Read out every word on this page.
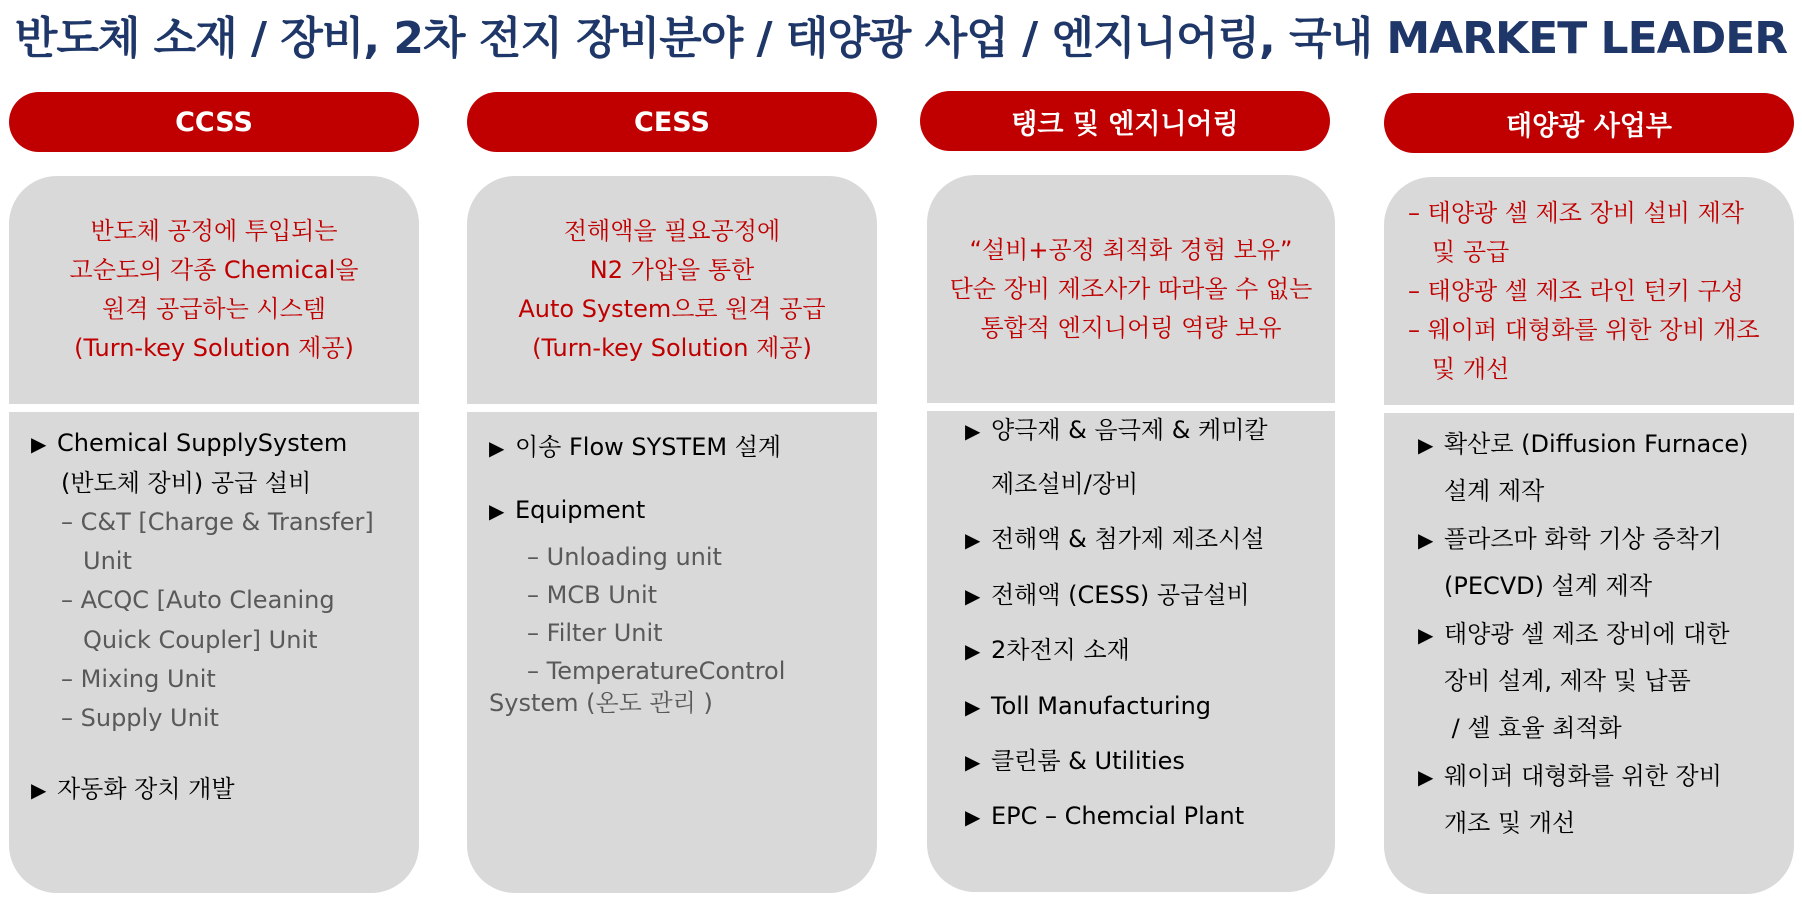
반도체 소재 / 장비, 2차 전지 장비분야 / 태양광 사업 / 엔지니어링, 국내 MARKET LEADER
CCSS
반도체 공정에 투입되는
고순도의 각종 Chemical을
원격 공급하는 시스템
(Turn-key Solution 제공)
▶ Chemical SupplySystem
(반도체 장비) 공급 설비
– C&T [Charge & Transfer]
Unit
– ACQC [Auto Cleaning
Quick Coupler] Unit
– Mixing Unit
– Supply Unit
▶ 자동화 장치 개발
CESS
전해액을 필요공정에
N2 가압을 통한
Auto System으로 원격 공급
(Turn-key Solution 제공)
▶ 이송 Flow SYSTEM 설계
▶ Equipment
– Unloading unit
– MCB Unit
– Filter Unit
– TemperatureControl
System (온도 관리 )
탱크 및 엔지니어링
“설비+공정 최적화 경험 보유”
단순 장비 제조사가 따라올 수 없는
통합적 엔지니어링 역량 보유
▶ 양극재 & 음극제 & 케미칼
제조설비/장비
▶ 전해액 & 첨가제 제조시설
▶ 전해액 (CESS) 공급설비
▶ 2차전지 소재
▶ Toll Manufacturing
▶ 클린룸 & Utilities
▶ EPC – Chemcial Plant
태양광 사업부
– 태양광 셀 제조 장비 설비 제작
및 공급
– 태양광 셀 제조 라인 턴키 구성
– 웨이퍼 대형화를 위한 장비 개조
및 개선
▶ 확산로 (Diffusion Furnace)
설계 제작
▶ 플라즈마 화학 기상 증착기
(PECVD) 설계 제작
▶ 태양광 셀 제조 장비에 대한
장비 설계, 제작 및 납품
/ 셀 효율 최적화
▶ 웨이퍼 대형화를 위한 장비
개조 및 개선
